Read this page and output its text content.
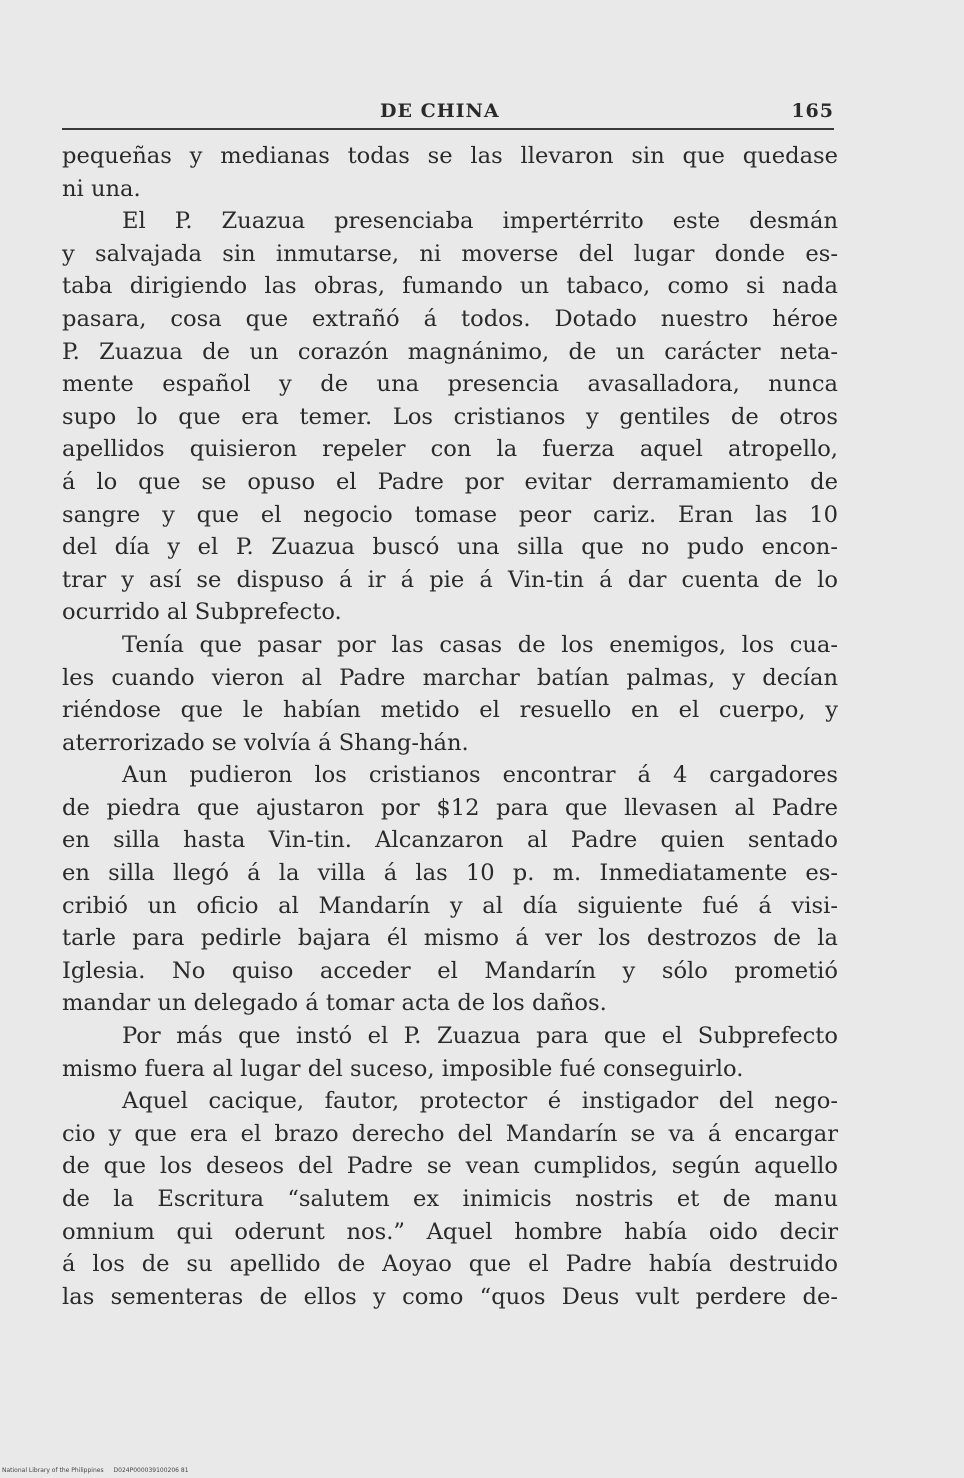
DE CHINA	165
pequeñas y medianas todas se las llevaron sin que quedase
ni una.
El P. Zuazua presenciaba impertérrito este desmán
y salvajada sin inmutarse, ni moverse del lugar donde es-
taba dirigiendo las obras, fumando un tabaco, como si nada
pasara, cosa que extrañó á todos. Dotado nuestro héroe
P. Zuazua de un corazón magnánimo, de un carácter neta-
mente español y de una presencia avasalladora, nunca
supo lo que era temer. Los cristianos y gentiles de otros
apellidos quisieron repeler con la fuerza aquel atropello,
á lo que se opuso el Padre por evitar derramamiento de
sangre y que el negocio tomase peor cariz. Eran las 10
del día y el P. Zuazua buscó una silla que no pudo encon-
trar y así se dispuso á ir á pie á Vin-tin á dar cuenta de lo
ocurrido al Subprefecto.
Tenía que pasar por las casas de los enemigos, los cua-
les cuando vieron al Padre marchar batían palmas, y decían
riéndose que le habían metido el resuello en el cuerpo, y
aterrorizado se volvía á Shang-hán.
Aun pudieron los cristianos encontrar á 4 cargadores
de piedra que ajustaron por $12 para que llevasen al Padre
en silla hasta Vin-tin. Alcanzaron al Padre quien sentado
en silla llegó á la villa á las 10 p. m. Inmediatamente es-
cribió un oficio al Mandarín y al día siguiente fué á visi-
tarle para pedirle bajara él mismo á ver los destrozos de la
Iglesia. No quiso acceder el Mandarín y sólo prometió
mandar un delegado á tomar acta de los daños.
Por más que instó el P. Zuazua para que el Subprefecto
mismo fuera al lugar del suceso, imposible fué conseguirlo.
Aquel cacique, fautor, protector é instigador del nego-
cio y que era el brazo derecho del Mandarín se va á encargar
de que los deseos del Padre se vean cumplidos, según aquello
de la Escritura “salutem ex inimicis nostris et de manu
omnium qui oderunt nos.” Aquel hombre había oido decir
á los de su apellido de Aoyao que el Padre había destruido
las sementeras de ellos y como “quos Deus vult perdere de-
National Library of the Philippines D024P000039100206 81
